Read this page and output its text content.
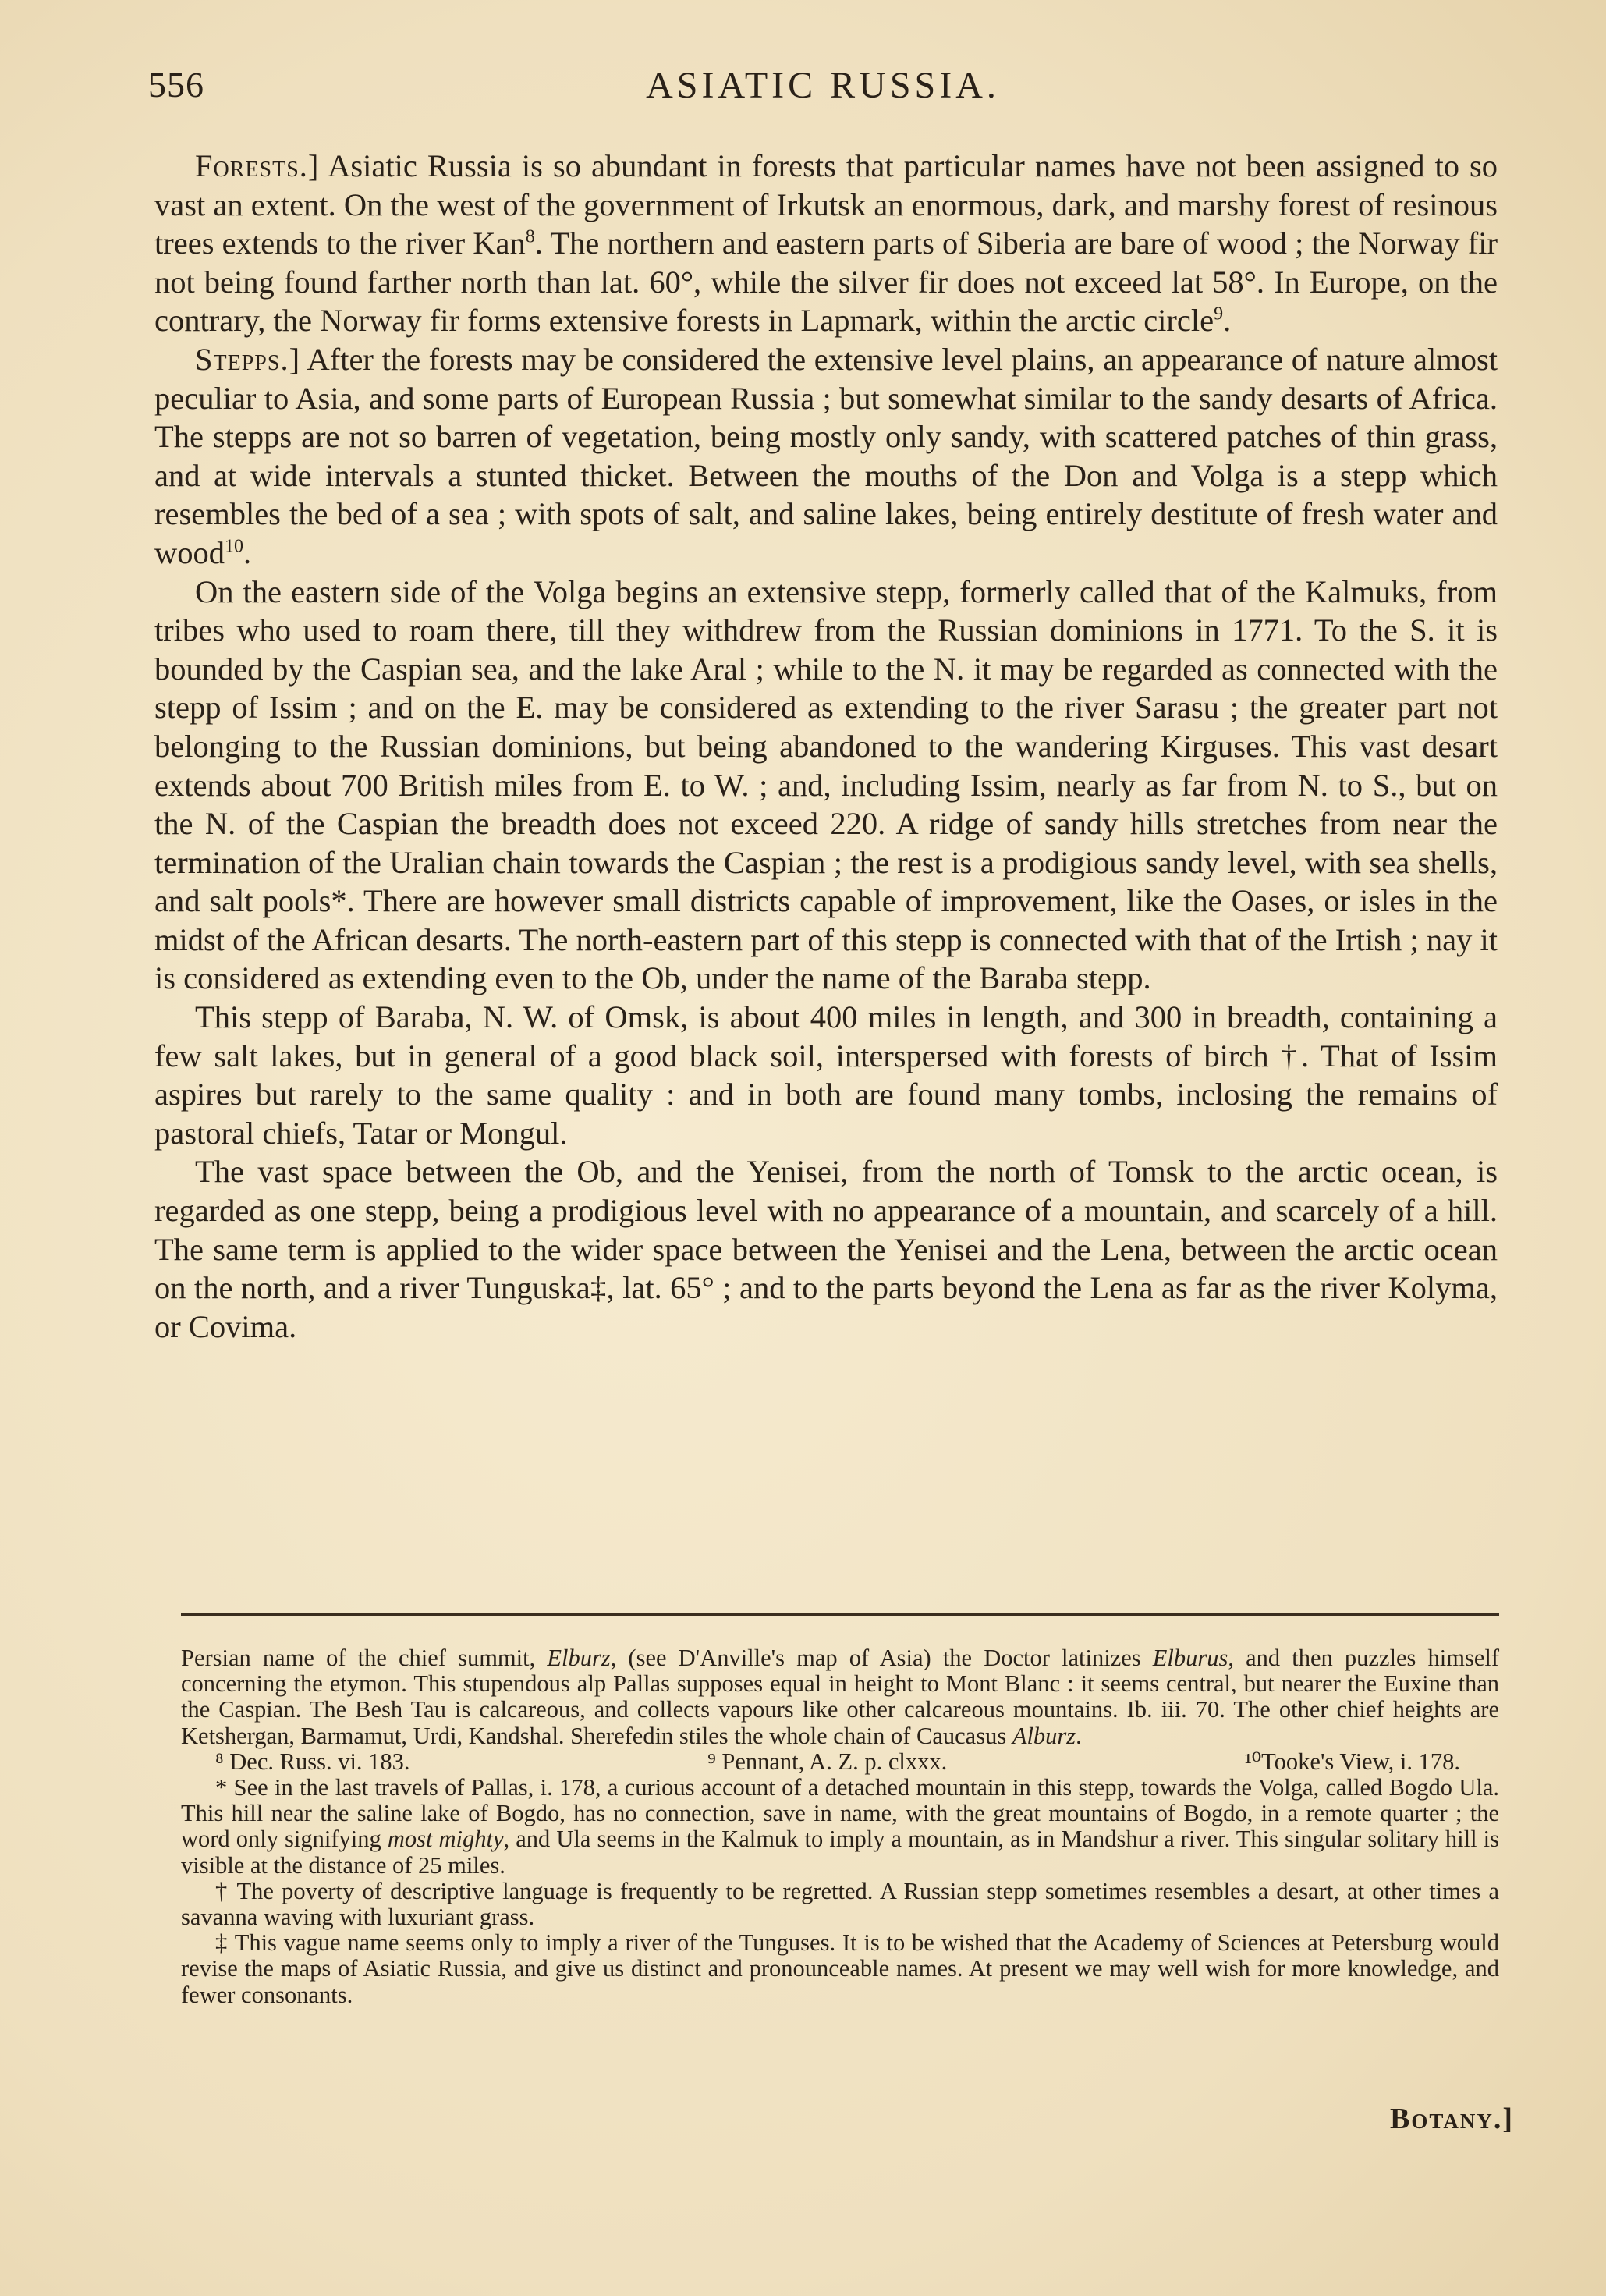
556	ASIATIC RUSSIA.

Forests.] Asiatic Russia is so abundant in forests that particular names have not been assigned to so vast an extent. On the west of the government of Irkutsk an enormous, dark, and marshy forest of resinous trees extends to the river Kan$^8$. The northern and eastern parts of Siberia are bare of wood ; the Norway fir not being found farther north than lat. 60°, while the silver fir does not exceed lat 58°. In Europe, on the contrary, the Norway fir forms extensive forests in Lapmark, within the arctic circle$^9$.

Stepps.] After the forests may be considered the extensive level plains, an appearance of nature almost peculiar to Asia, and some parts of European Russia ; but somewhat similar to the sandy desarts of Africa. The stepps are not so barren of vegetation, being mostly only sandy, with scattered patches of thin grass, and at wide intervals a stunted thicket. Between the mouths of the Don and Volga is a stepp which resembles the bed of a sea ; with spots of salt, and saline lakes, being entirely destitute of fresh water and wood$^{10}$.

On the eastern side of the Volga begins an extensive stepp, formerly called that of the Kalmuks, from tribes who used to roam there, till they withdrew from the Russian dominions in 1771. To the S. it is bounded by the Caspian sea, and the lake Aral ; while to the N. it may be regarded as connected with the stepp of Issim ; and on the E. may be considered as extending to the river Sarasu ; the greater part not belonging to the Russian dominions, but being abandoned to the wandering Kirguses. This vast desart extends about 700 British miles from E. to W. ; and, including Issim, nearly as far from N. to S., but on the N. of the Caspian the breadth does not exceed 220. A ridge of sandy hills stretches from near the termination of the Uralian chain towards the Caspian ; the rest is a prodigious sandy level, with sea shells, and salt pools*. There are however small districts capable of improvement, like the Oases, or isles in the midst of the African desarts. The north-eastern part of this stepp is connected with that of the Irtish ; nay it is considered as extending even to the Ob, under the name of the Baraba stepp.

This stepp of Baraba, N. W. of Omsk, is about 400 miles in length, and 300 in breadth, containing a few salt lakes, but in general of a good black soil, interspersed with forests of birch †. That of Issim aspires but rarely to the same quality : and in both are found many tombs, inclosing the remains of pastoral chiefs, Tatar or Mongul.

The vast space between the Ob, and the Yenisei, from the north of Tomsk to the arctic ocean, is regarded as one stepp, being a prodigious level with no appearance of a mountain, and scarcely of a hill. The same term is applied to the wider space between the Yenisei and the Lena, between the arctic ocean on the north, and a river Tunguska‡, lat. 65° ; and to the parts beyond the Lena as far as the river Kolyma, or Covima.

Persian name of the chief summit, Elburz, (see D'Anville's map of Asia) the Doctor latinizes Elburus, and then puzzles himself concerning the etymon. This stupendous alp Pallas supposes equal in height to Mont Blanc : it seems central, but nearer the Euxine than the Caspian. The Besh Tau is calcareous, and collects vapours like other calcareous mountains. Ib. iii. 70. The other chief heights are Ketshergan, Barmamut, Urdi, Kandshal. Sherefedin stiles the whole chain of Caucasus Alburz.

⁸ Dec. Russ. vi. 183.	⁹ Pennant, A. Z. p. clxxx.	¹⁰Tooke's View, i. 178.

* See in the last travels of Pallas, i. 178, a curious account of a detached mountain in this stepp, towards the Volga, called Bogdo Ula. This hill near the saline lake of Bogdo, has no connection, save in name, with the great mountains of Bogdo, in a remote quarter ; the word only signifying most mighty, and Ula seems in the Kalmuk to imply a mountain, as in Mandshur a river. This singular solitary hill is visible at the distance of 25 miles.

† The poverty of descriptive language is frequently to be regretted. A Russian stepp sometimes resembles a desart, at other times a savanna waving with luxuriant grass.

‡ This vague name seems only to imply a river of the Tunguses. It is to be wished that the Academy of Sciences at Petersburg would revise the maps of Asiatic Russia, and give us distinct and pronounceable names. At present we may well wish for more knowledge, and fewer consonants.

Botany.]
